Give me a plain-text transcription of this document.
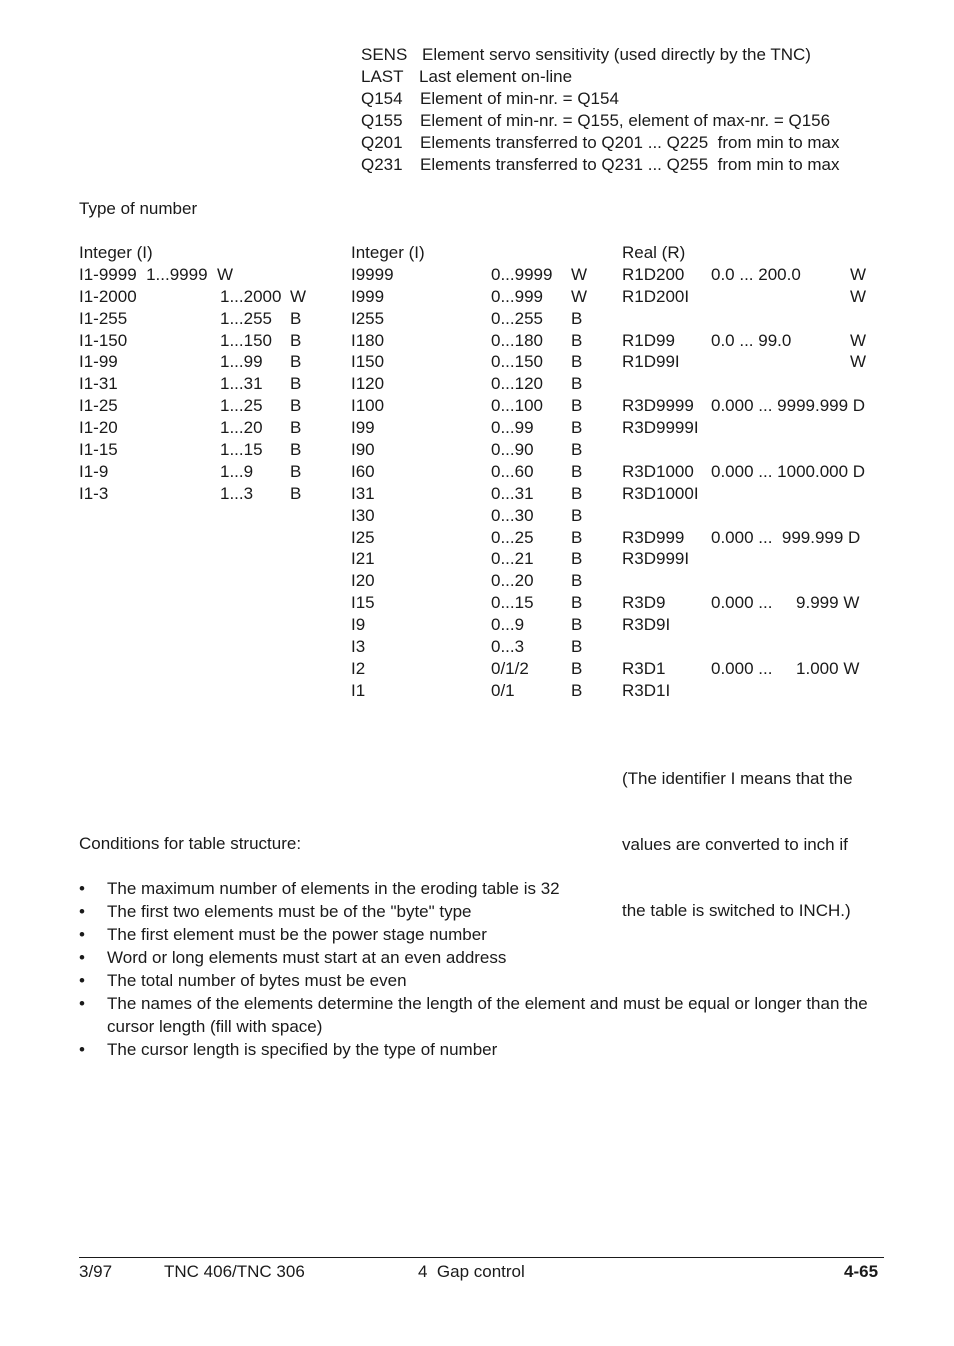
SENS Element servo sensitivity (used directly by the TNC)
LAST Last element on-line
Q154 Element of min-nr. = Q154
Q155 Element of min-nr. = Q155, element of max-nr. = Q156
Q201 Elements transferred to Q201 ... Q225  from min to max
Q231 Elements transferred to Q231 ... Q255  from min to max
Type of number
Integer (I)
I1-9999  1...9999  W
I1-2000	1...2000 W
I1-255	1...255 B
I1-150	1...150 B
I1-99	1...99 B
I1-31	1...31 B
I1-25	1...25 B
I1-20	1...20 B
I1-15	1...15 B
I1-9	1...9 B
I1-3	1...3 B
Integer (I)
I9999	0...9999 W
I999	0...999 W
I255	0...255 B
I180	0...180 B
I150	0...150 B
I120	0...120 B
I100	0...100 B
I99	0...99 B
I90	0...90 B
I60	0...60 B
I31	0...31 B
I30	0...30 B
I25	0...25 B
I21	0...21 B
I20	0...20 B
I15	0...15 B
I9	0...9	B
I3	0...3	B
I2	0/1/2 B
I1	0/1	B
Real (R)
R1D200 0.0 ... 200.0	W
R1D200I	W
R1D99 0.0 ... 99.0	W
R1D99I	W
R3D9999 0.000 ... 9999.999 D
R3D9999I
R3D1000 0.000 ... 1000.000 D
R3D1000I
R3D999 0.000 ...  999.999 D
R3D999I
R3D9	0.000 ...     9.999 W
R3D9I
R3D1	0.000 ...     1.000 W
R3D1I

(The identifier I means that the

values are converted to inch if

the table is switched to INCH.)

Conditions for table structure:
• The maximum number of elements in the eroding table is 32
• The first two elements must be of the "byte" type
• The first element must be the power stage number
• Word or long elements must start at an even address
• The total number of bytes must be even
• The names of the elements determine the length of the element and must be equal or longer than the cursor length (fill with space)
• The cursor length is specified by the type of number
3/97	TNC 406/TNC 306	4  Gap control	4-65
